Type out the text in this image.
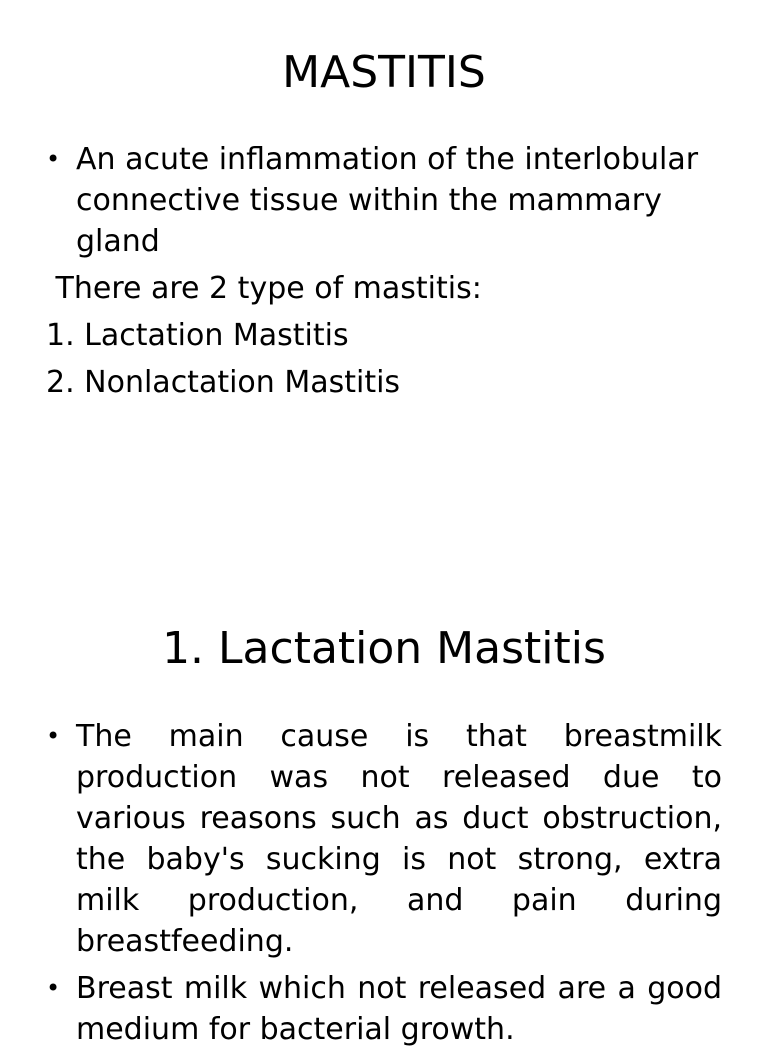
MASTITIS
• An acute inflammation of the interlobular connective tissue within the mammary gland
There are 2 type of mastitis:
1. Lactation Mastitis
2. Nonlactation Mastitis
1. Lactation Mastitis
• The main cause is that breastmilk production was not released due to various reasons such as duct obstruction, the baby's sucking is not strong, extra milk production, and pain during breastfeeding.
• Breast milk which not released are a good medium for bacterial growth.
